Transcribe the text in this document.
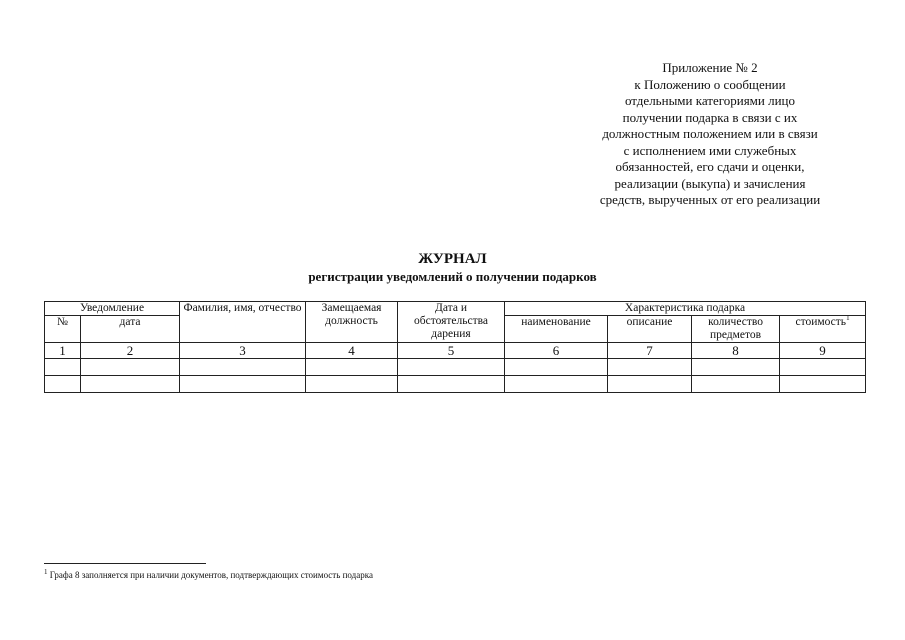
Приложение № 2
к Положению о сообщении
отдельными категориями лицо
получении подарка в связи с их
должностным положением или в связи
с исполнением ими служебных
обязанностей, его сдачи и оценки,
реализации (выкупа) и зачисления
средств, вырученных от его реализации
ЖУРНАЛ
регистрации уведомлений о получении подарков
Уведомление		Фамилия, имя, отчество	Замещаемая должность	Дата и обстоятельства дарения	Характеристика подарка			
№	дата				наименование	описание	количество предметов	стоимость$^1$
1	2	3	4	5	6	7	8	9

$^1$ Графа 8 заполняется при наличии документов, подтверждающих стоимость подарка
